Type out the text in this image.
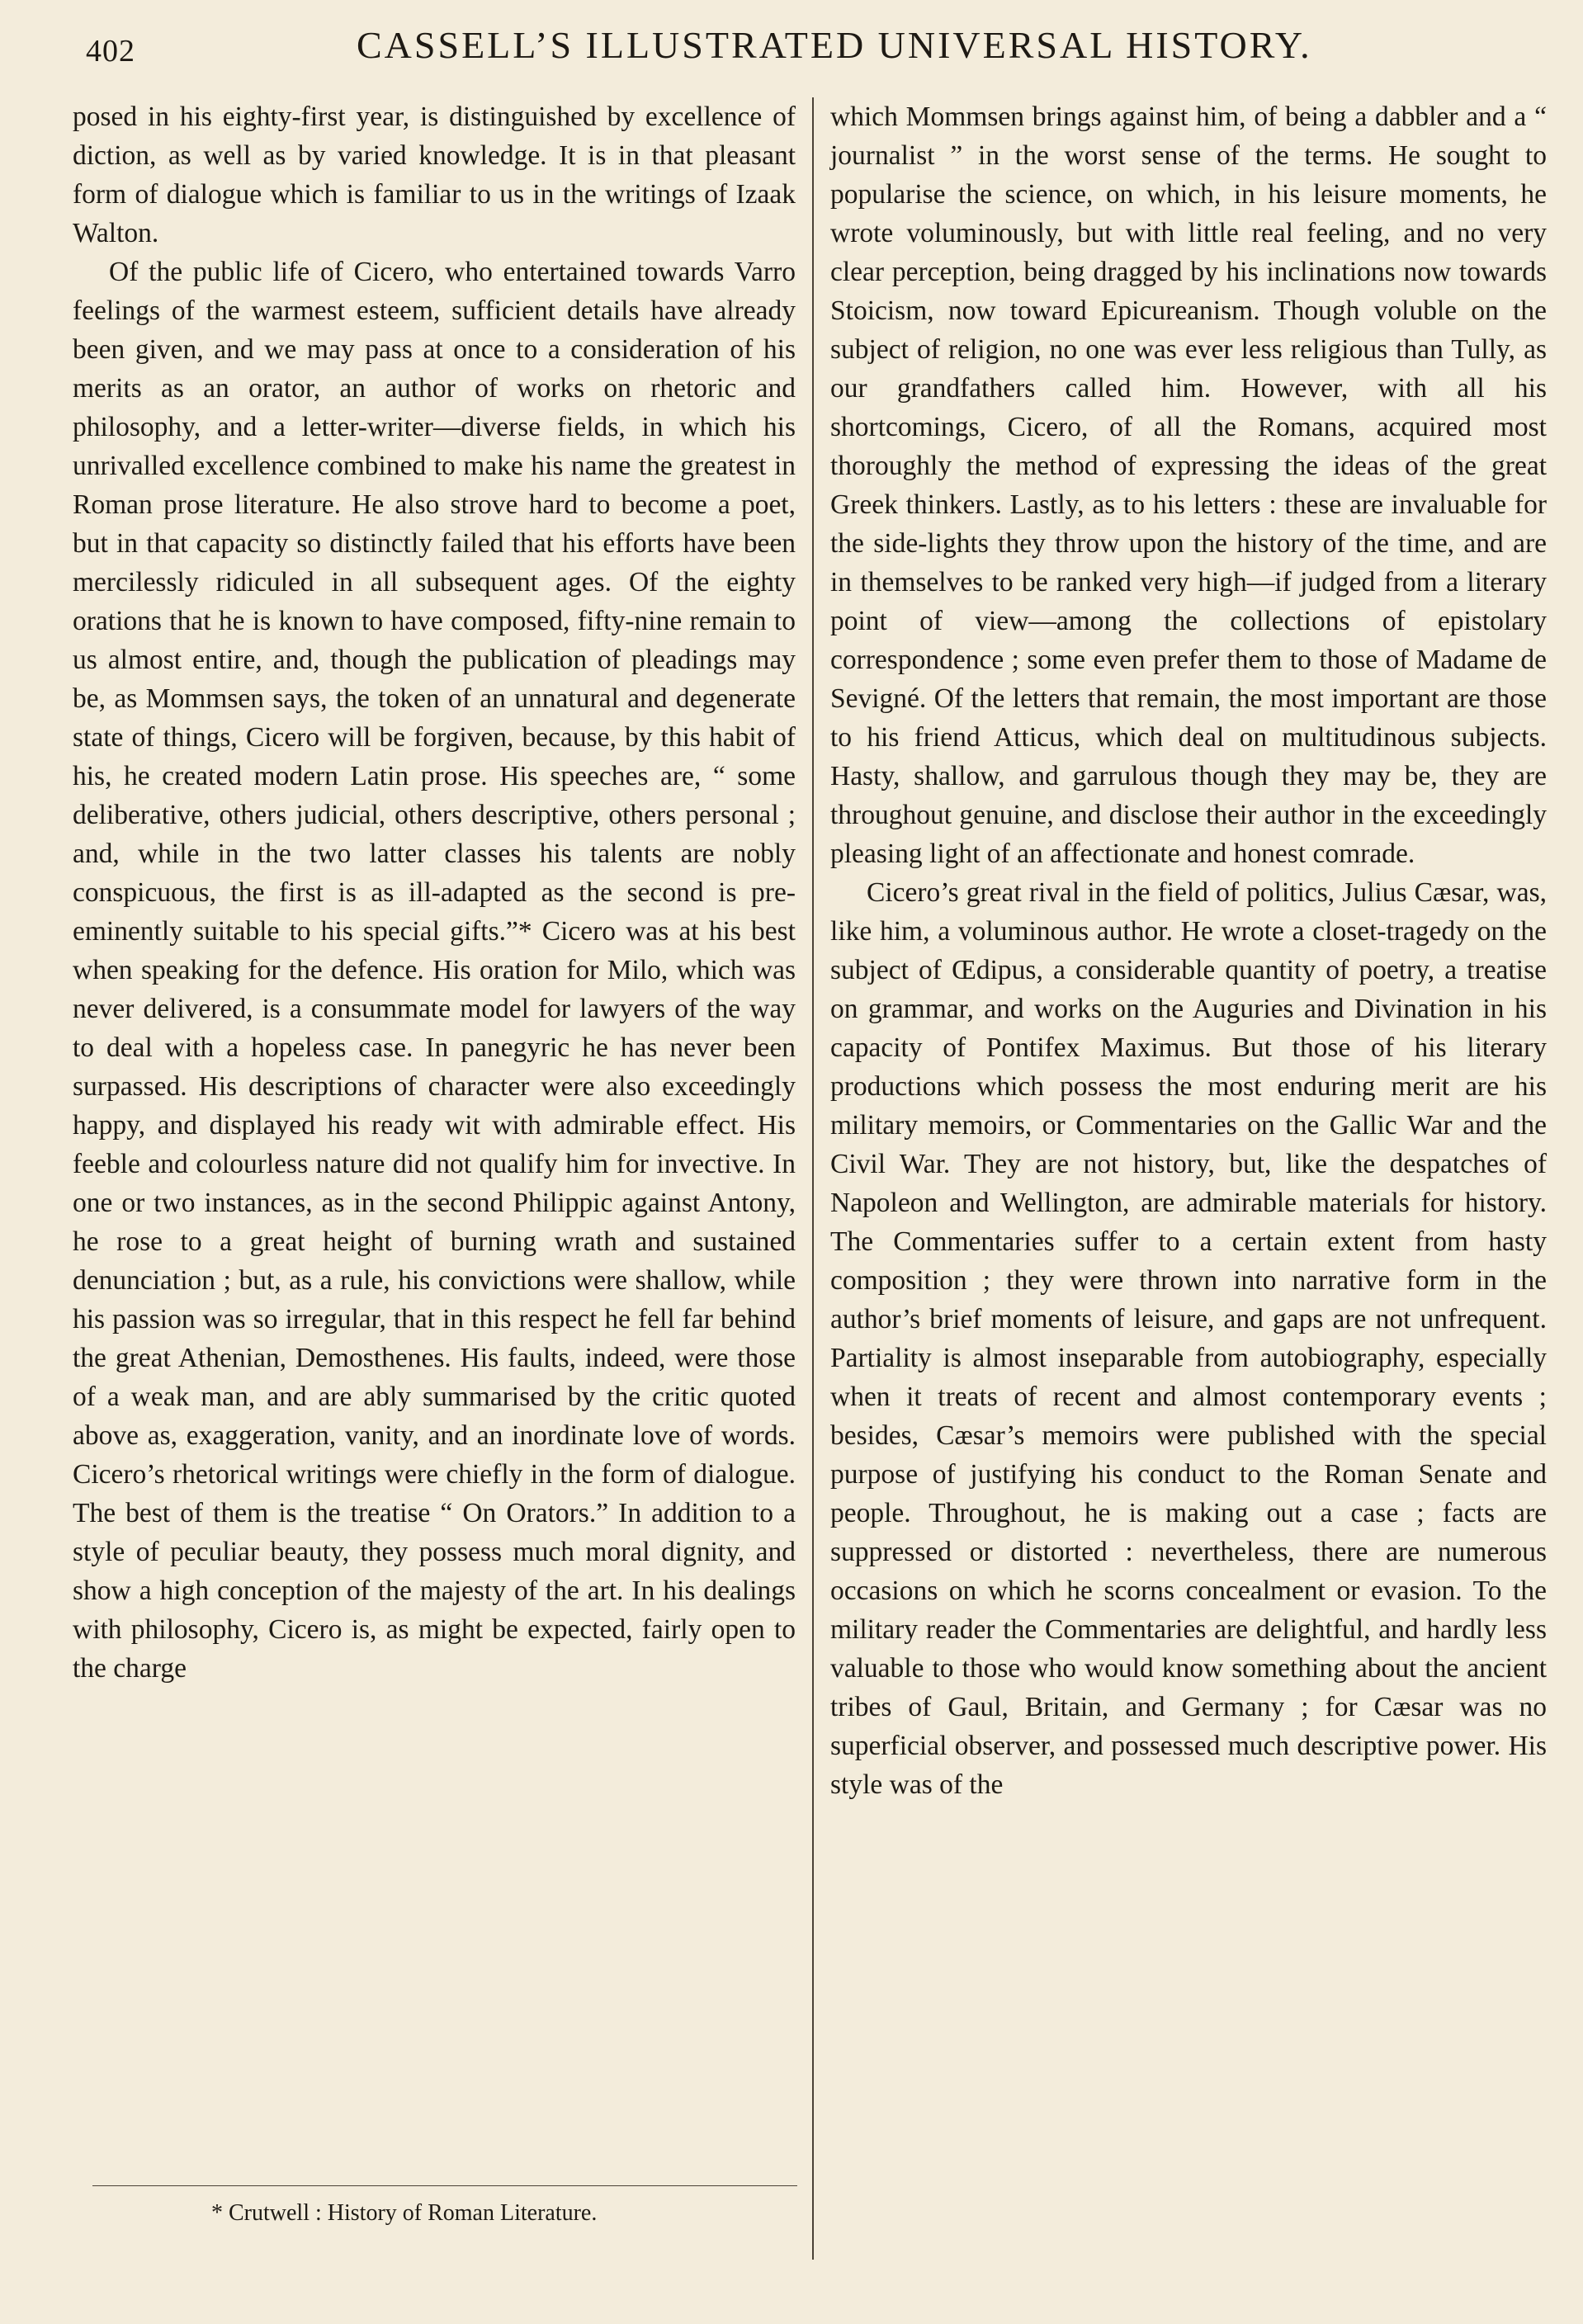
402	CASSELL’S ILLUSTRATED UNIVERSAL HISTORY.

posed in his eighty-first year, is distinguished by excellence of diction, as well as by varied knowledge. It is in that pleasant form of dialogue which is familiar to us in the writings of Izaak Walton.

Of the public life of Cicero, who entertained towards Varro feelings of the warmest esteem, sufficient details have already been given, and we may pass at once to a consideration of his merits as an orator, an author of works on rhetoric and philosophy, and a letter-writer—diverse fields, in which his unrivalled excellence combined to make his name the greatest in Roman prose literature. He also strove hard to become a poet, but in that capacity so distinctly failed that his efforts have been mercilessly ridiculed in all subsequent ages. Of the eighty orations that he is known to have composed, fifty-nine remain to us almost entire, and, though the publication of pleadings may be, as Mommsen says, the token of an unnatural and degenerate state of things, Cicero will be forgiven, because, by this habit of his, he created modern Latin prose. His speeches are, “ some deliberative, others judicial, others descriptive, others personal ; and, while in the two latter classes his talents are nobly conspicuous, the first is as ill-adapted as the second is pre-eminently suitable to his special gifts.”* Cicero was at his best when speaking for the defence. His oration for Milo, which was never delivered, is a consummate model for lawyers of the way to deal with a hopeless case. In panegyric he has never been surpassed. His descriptions of character were also exceedingly happy, and displayed his ready wit with admirable effect. His feeble and colourless nature did not qualify him for invective. In one or two instances, as in the second Philippic against Antony, he rose to a great height of burning wrath and sustained denunciation ; but, as a rule, his convictions were shallow, while his passion was so irregular, that in this respect he fell far behind the great Athenian, Demosthenes. His faults, indeed, were those of a weak man, and are ably summarised by the critic quoted above as, exaggeration, vanity, and an inordinate love of words. Cicero’s rhetorical writings were chiefly in the form of dialogue. The best of them is the treatise “ On Orators.” In addition to a style of peculiar beauty, they possess much moral dignity, and show a high conception of the majesty of the art. In his dealings with philosophy, Cicero is, as might be expected, fairly open to the charge

which Mommsen brings against him, of being a dabbler and a “ journalist ” in the worst sense of the terms. He sought to popularise the science, on which, in his leisure moments, he wrote voluminously, but with little real feeling, and no very clear perception, being dragged by his inclinations now towards Stoicism, now toward Epicureanism. Though voluble on the subject of religion, no one was ever less religious than Tully, as our grandfathers called him. However, with all his shortcomings, Cicero, of all the Romans, acquired most thoroughly the method of expressing the ideas of the great Greek thinkers. Lastly, as to his letters : these are invaluable for the side-lights they throw upon the history of the time, and are in themselves to be ranked very high—if judged from a literary point of view—among the collections of epistolary correspondence ; some even prefer them to those of Madame de Sevigné. Of the letters that remain, the most important are those to his friend Atticus, which deal on multitudinous subjects. Hasty, shallow, and garrulous though they may be, they are throughout genuine, and disclose their author in the exceedingly pleasing light of an affectionate and honest comrade.

Cicero’s great rival in the field of politics, Julius Cæsar, was, like him, a voluminous author. He wrote a closet-tragedy on the subject of Œdipus, a considerable quantity of poetry, a treatise on grammar, and works on the Auguries and Divination in his capacity of Pontifex Maximus. But those of his literary productions which possess the most enduring merit are his military memoirs, or Commentaries on the Gallic War and the Civil War. They are not history, but, like the despatches of Napoleon and Wellington, are admirable materials for history. The Commentaries suffer to a certain extent from hasty composition ; they were thrown into narrative form in the author’s brief moments of leisure, and gaps are not unfrequent. Partiality is almost inseparable from autobiography, especially when it treats of recent and almost contemporary events ; besides, Cæsar’s memoirs were published with the special purpose of justifying his conduct to the Roman Senate and people. Throughout, he is making out a case ; facts are suppressed or distorted : nevertheless, there are numerous occasions on which he scorns concealment or evasion. To the military reader the Commentaries are delightful, and hardly less valuable to those who would know something about the ancient tribes of Gaul, Britain, and Germany ; for Cæsar was no superficial observer, and possessed much descriptive power. His style was of the

* Crutwell : History of Roman Literature.
